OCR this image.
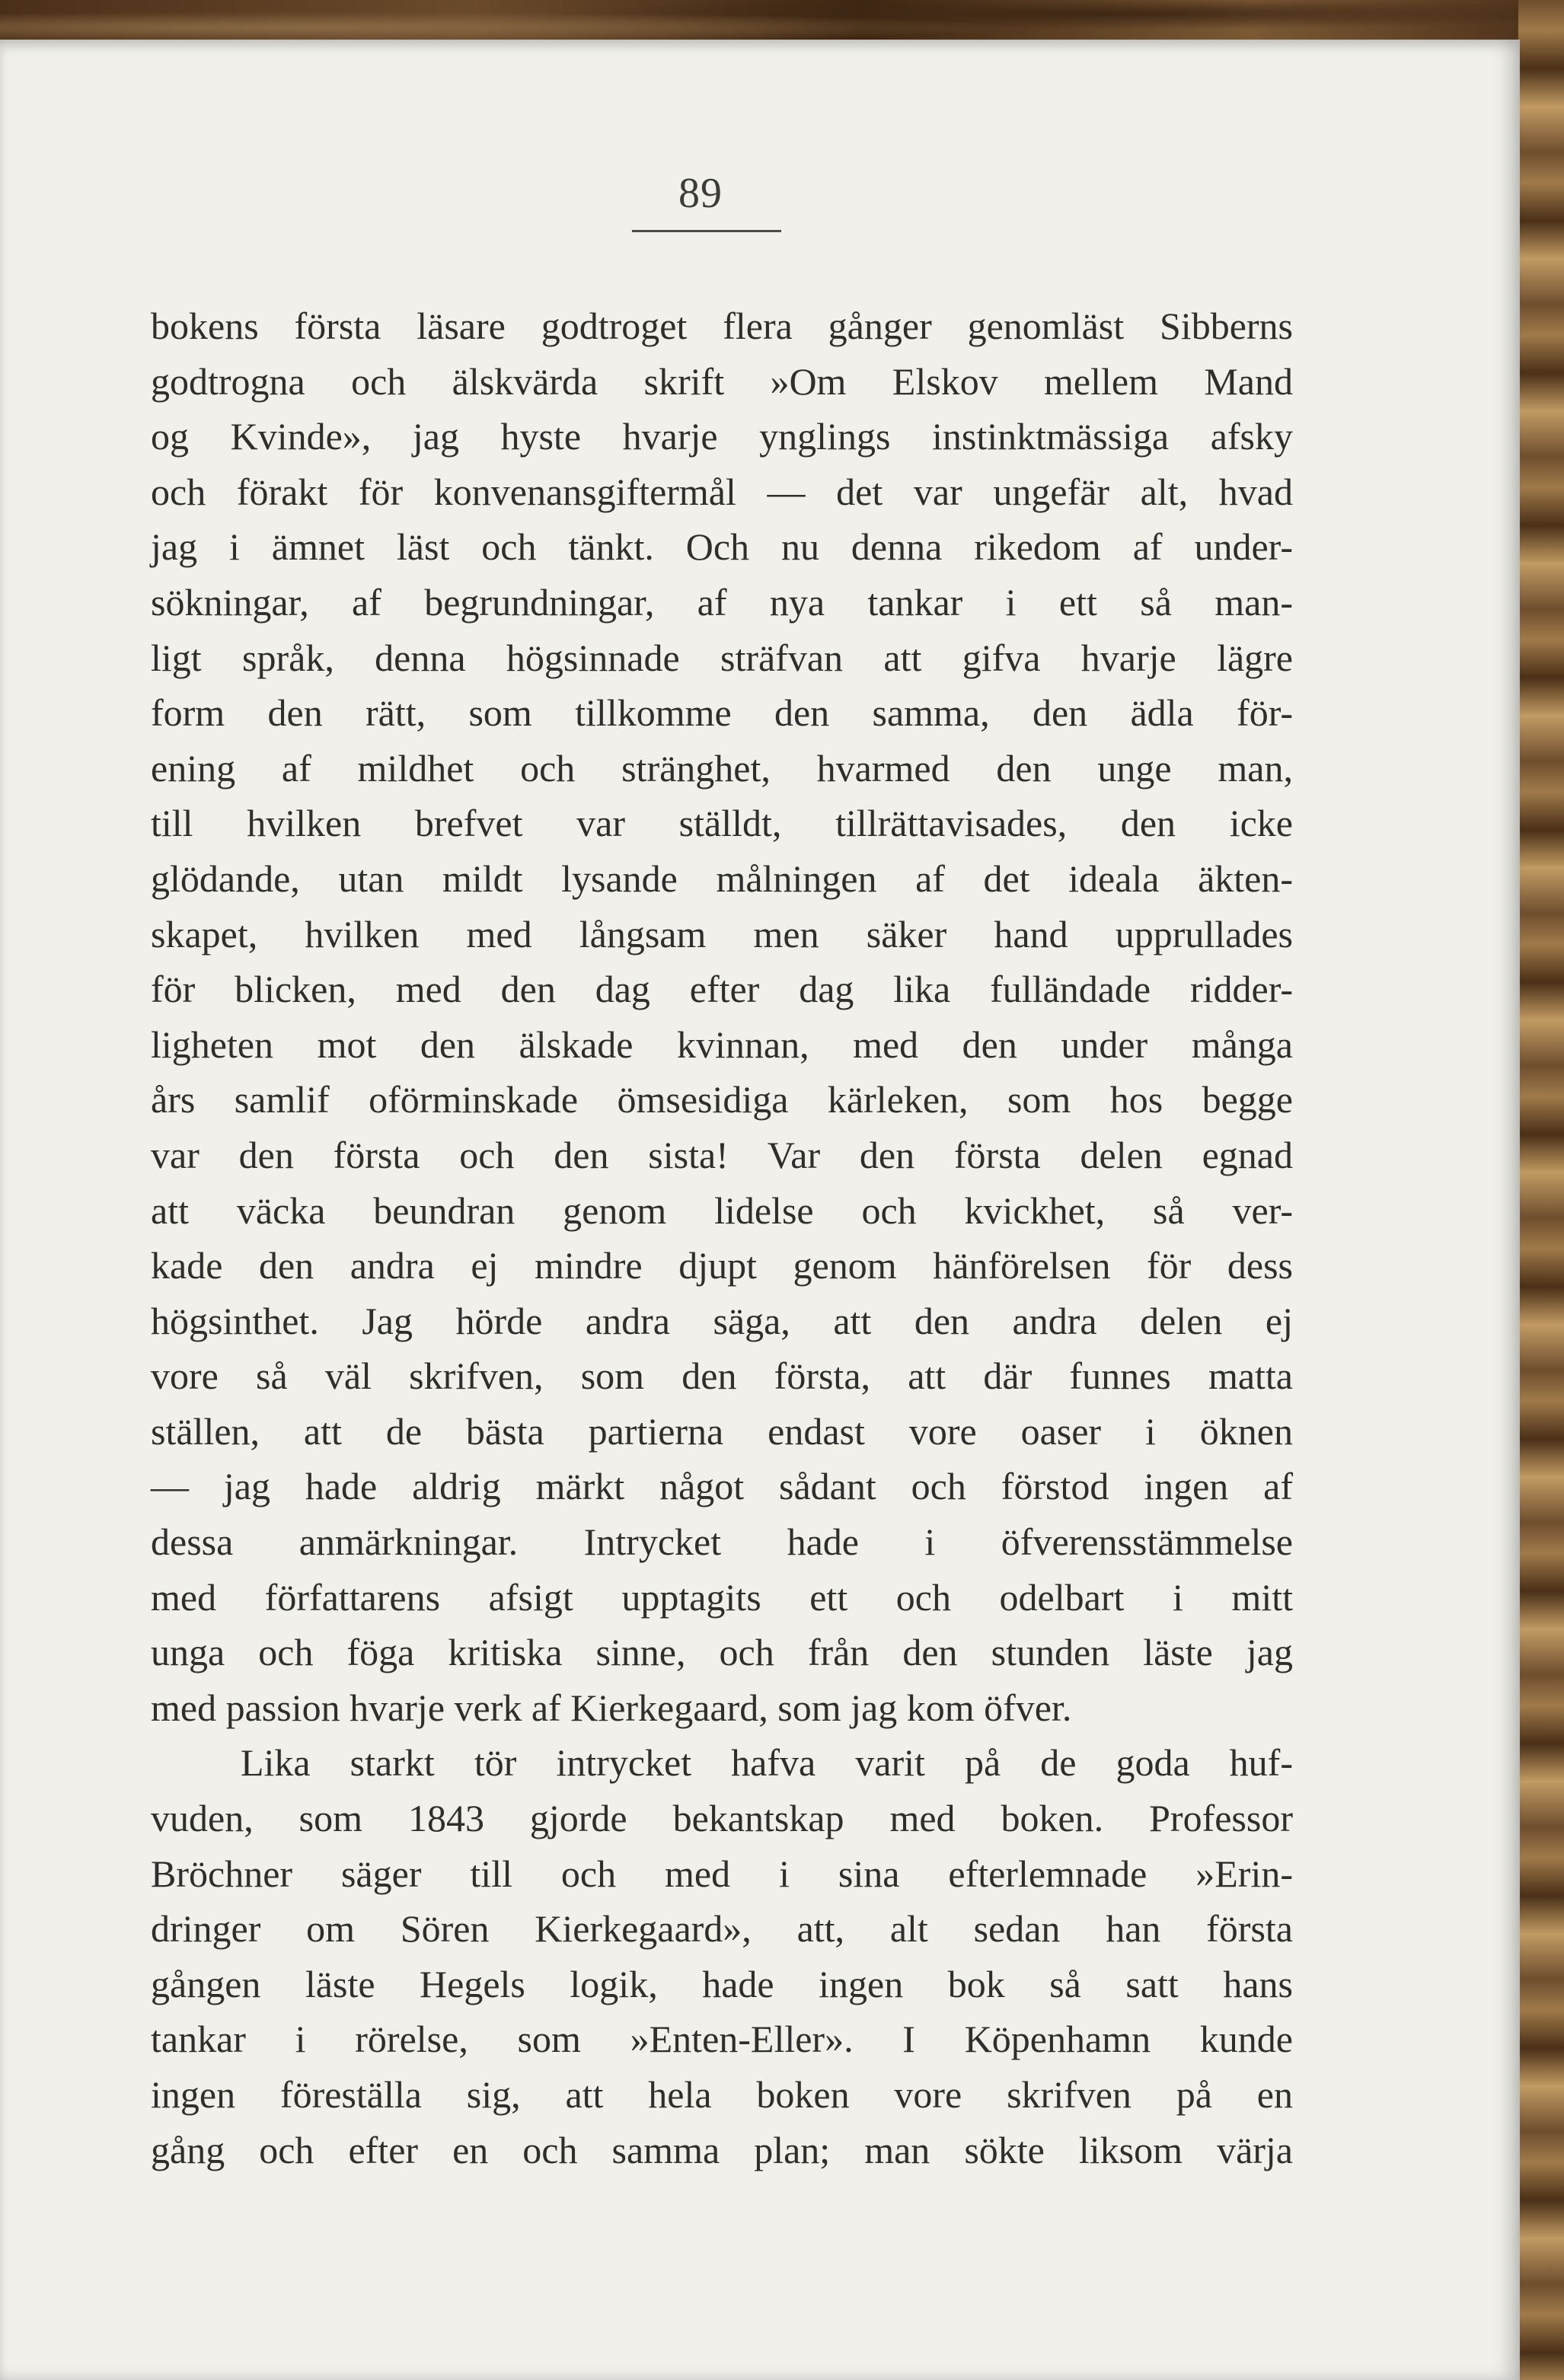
89
bokens första läsare godtroget flera gånger genomläst Sibberns
godtrogna och älskvärda skrift »Om Elskov mellem Mand
og Kvinde», jag hyste hvarje ynglings instinktmässiga afsky
och förakt för konvenansgiftermål — det var ungefär alt, hvad
jag i ämnet läst och tänkt. Och nu denna rikedom af under-
sökningar, af begrundningar, af nya tankar i ett så man-
ligt språk, denna högsinnade sträfvan att gifva hvarje lägre
form den rätt, som tillkomme den samma, den ädla för-
ening af mildhet och stränghet, hvarmed den unge man,
till hvilken brefvet var ställdt, tillrättavisades, den icke
glödande, utan mildt lysande målningen af det ideala äkten-
skapet, hvilken med långsam men säker hand upprullades
för blicken, med den dag efter dag lika fulländade ridder-
ligheten mot den älskade kvinnan, med den under många
års samlif oförminskade ömsesidiga kärleken, som hos begge
var den första och den sista! Var den första delen egnad
att väcka beundran genom lidelse och kvickhet, så ver-
kade den andra ej mindre djupt genom hänförelsen för dess
högsinthet. Jag hörde andra säga, att den andra delen ej
vore så väl skrifven, som den första, att där funnes matta
ställen, att de bästa partierna endast vore oaser i öknen
— jag hade aldrig märkt något sådant och förstod ingen af
dessa anmärkningar. Intrycket hade i öfverensstämmelse
med författarens afsigt upptagits ett och odelbart i mitt
unga och föga kritiska sinne, och från den stunden läste jag
med passion hvarje verk af Kierkegaard, som jag kom öfver.
Lika starkt tör intrycket hafva varit på de goda huf-
vuden, som 1843 gjorde bekantskap med boken. Professor
Bröchner säger till och med i sina efterlemnade »Erin-
dringer om Sören Kierkegaard», att, alt sedan han första
gången läste Hegels logik, hade ingen bok så satt hans
tankar i rörelse, som »Enten-Eller». I Köpenhamn kunde
ingen föreställa sig, att hela boken vore skrifven på en
gång och efter en och samma plan; man sökte liksom värja
